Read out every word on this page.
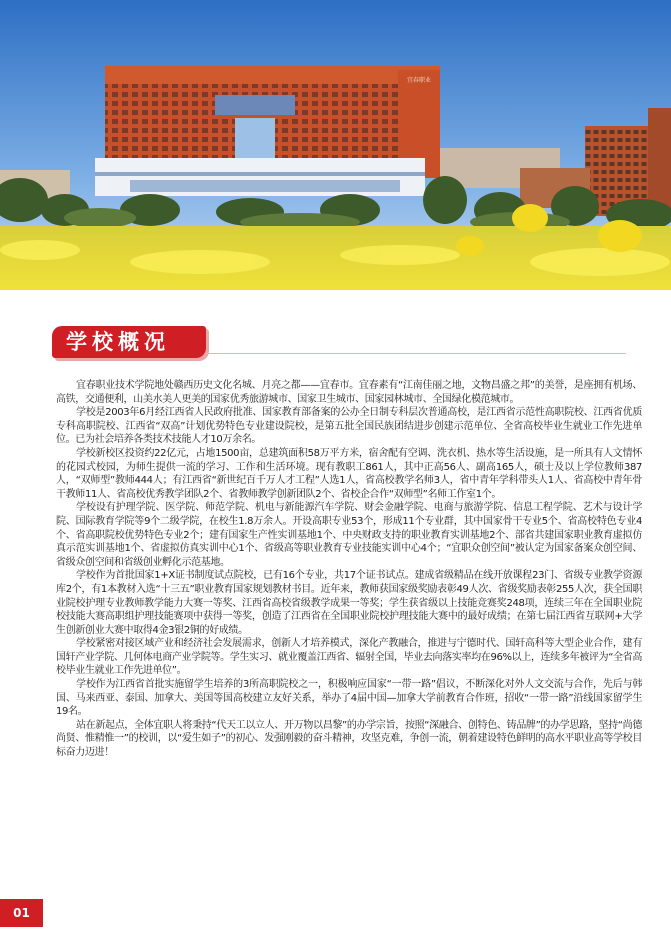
宜春职业
学校概况

宜春职业技术学院地处赣西历史文化名城、月亮之都——宜春市。宜春素有“江南佳丽之地，文物昌盛之邦”的美誉，是座拥有机场、高铁，交通便利，山美水美人更美的国家优秀旅游城市、国家卫生城市、国家园林城市、全国绿化模范城市。

学校是2003年6月经江西省人民政府批准、国家教育部备案的公办全日制专科层次普通高校，是江西省示范性高职院校、江西省优质专科高职院校、江西省“双高”计划优势特色专业建设院校，是第五批全国民族团结进步创建示范单位、全省高校毕业生就业工作先进单位。已为社会培养各类技术技能人才10万余名。

学校新校区投资约22亿元，占地1500亩，总建筑面积58万平方米，宿舍配有空调、洗衣机、热水等生活设施，是一所具有人文情怀的花园式校园，为师生提供一流的学习、工作和生活环境。现有教职工861人，其中正高56人、副高165人，硕士及以上学位教师387人，“双师型”教师444人；有江西省“新世纪百千万人才工程”人选1人，省高校教学名师3人，省中青年学科带头人1人、省高校中青年骨干教师11人、省高校优秀教学团队2个、省教师教学创新团队2个、省校企合作“双师型”名师工作室1个。

学校设有护理学院、医学院、师范学院、机电与新能源汽车学院、财会金融学院、电商与旅游学院、信息工程学院、艺术与设计学院、国际教育学院等9个二级学院，在校生1.8万余人。开设高职专业53个，形成11个专业群，其中国家骨干专业5个、省高校特色专业4个、省高职院校优势特色专业2个；建有国家生产性实训基地1个、中央财政支持的职业教育实训基地2个、部省共建国家职业教育虚拟仿真示范实训基地1个、省虚拟仿真实训中心1个、省级高等职业教育专业技能实训中心4个；“宜职众创空间”被认定为国家备案众创空间、省级众创空间和省级创业孵化示范基地。

学校作为首批国家1+X证书制度试点院校，已有16个专业，共17个证书试点。建成省级精品在线开放课程23门、省级专业教学资源库2个，有1本教材入选“十三五”职业教育国家规划教材书目。近年来，教师获国家级奖励表彰49人次、省级奖励表彰255人次，获全国职业院校护理专业教师教学能力大赛一等奖、江西省高校省级教学成果一等奖；学生获省级以上技能竞赛奖248项，连续三年在全国职业院校技能大赛高职组护理技能赛项中获得一等奖，创造了江西省在全国职业院校护理技能大赛中的最好成绩；在第七届江西省互联网+大学生创新创业大赛中取得4金3银2铜的好成绩。

学校紧密对接区域产业和经济社会发展需求，创新人才培养模式，深化产教融合，推进与宁德时代、国轩高科等大型企业合作，建有国轩产业学院、几何体电商产业学院等。学生实习、就业覆盖江西省、辐射全国，毕业去向落实率均在96%以上，连续多年被评为“全省高校毕业生就业工作先进单位”。

学校作为江西省首批实施留学生培养的3所高职院校之一，积极响应国家“一带一路”倡议，不断深化对外人文交流与合作，先后与韩国、马来西亚、泰国、加拿大、美国等国高校建立友好关系，举办了4届中国—加拿大学前教育合作班，招收“一带一路”沿线国家留学生19名。

站在新起点，全体宜职人将秉持“代天工以立人、开万物以昌黎”的办学宗旨，按照“深融合、创特色、铸品牌”的办学思路，坚持“尚德尚贤、惟精惟一”的校训，以“爱生如子”的初心、发强刚毅的奋斗精神，攻坚克难，争创一流，朝着建设特色鲜明的高水平职业高等学校目标奋力迈进！

01
